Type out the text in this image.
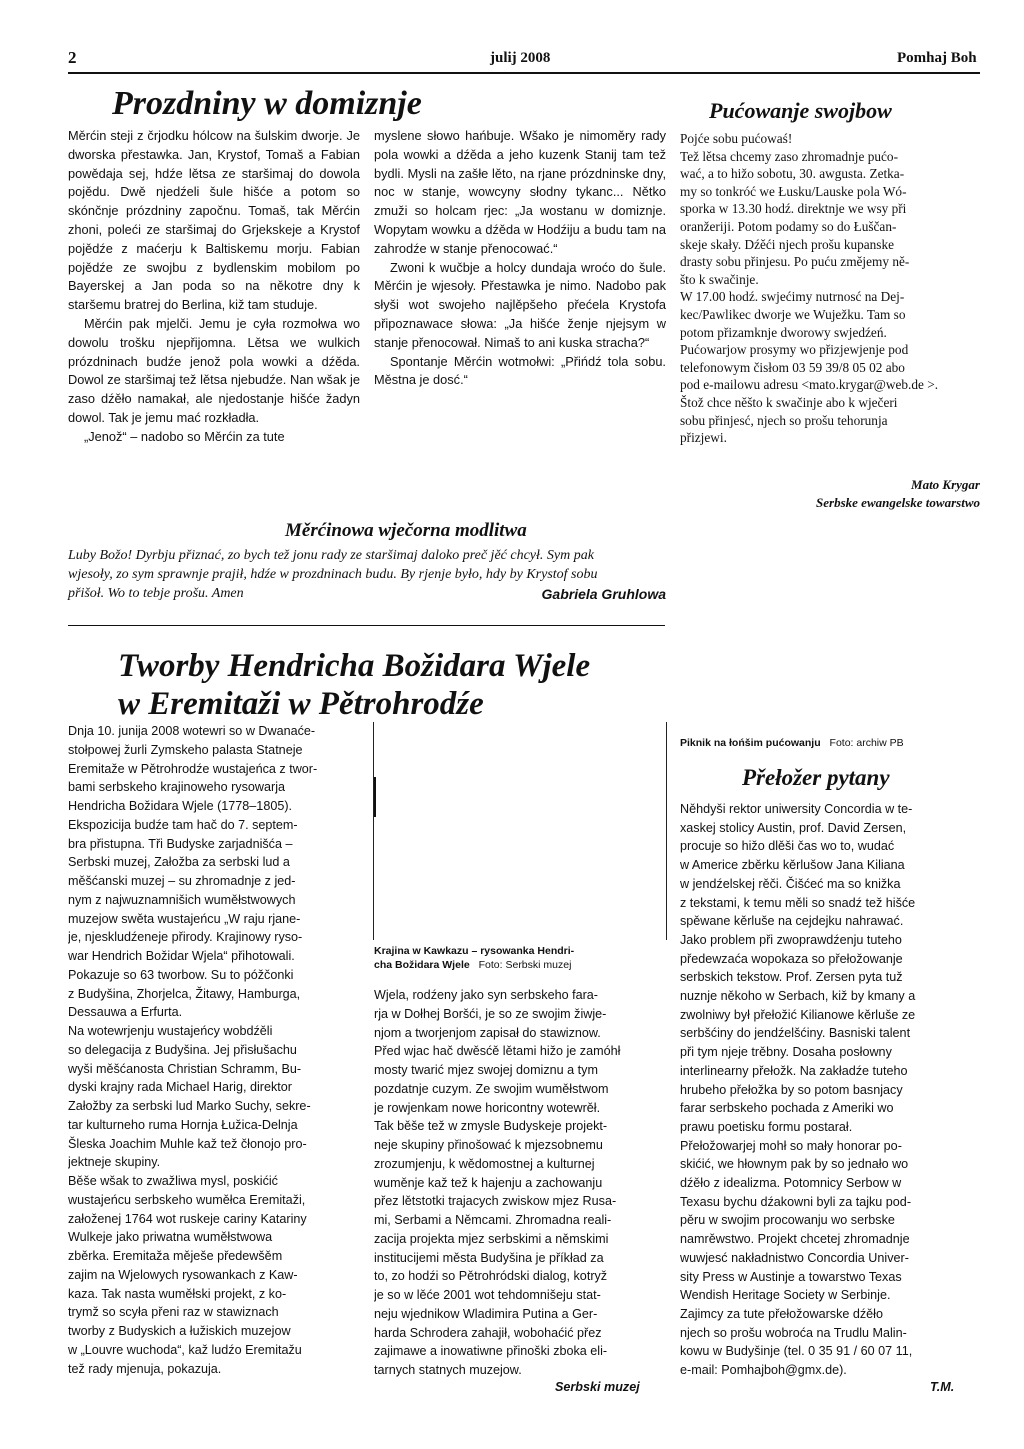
2	julij 2008	Pomhaj Boh
Prozdniny w domiznje

Měrćin steji z črjodku hólcow na šulskim dworje. Je dworska přestawka. Jan, Krystof, Tomaš a Fabian powědaja sej, hdźe lětsa ze staršimaj do dowola pojědu. Dwě njedźeli šule hišće a potom so skónčnje prózdniny započnu. Tomaš, tak Měrćin zhoni, poleći ze staršimaj do Grjekskeje a Krystof pojědźe z maćerju k Baltiskemu morju. Fabian pojědźe ze swojbu z bydlenskim mobilom po Bayerskej a Jan poda so na někotre dny k staršemu bratrej do Berlina, kiž tam studuje.

Měrćin pak mjelči. Jemu je cyła rozmołwa wo dowolu trošku njepřijomna. Lětsa we wulkich prózdninach budźe jenož pola wowki a dźěda. Dowol ze staršimaj tež lětsa njebudźe. Nan wšak je zaso dźěło namakał, ale njedostanje hišće žadyn dowol. Tak je jemu mać rozkładła.

„Jenož“ – nadobo so Měrćin za tute

myslene słowo hańbuje. Wšako je nimoměry rady pola wowki a dźěda a jeho kuzenk Stanij tam tež bydli. Mysli na zašłe lěto, na rjane prózdninske dny, noc w stanje, wowcyny słodny tykanc... Nětko zmuži so holcam rjec: „Ja wostanu w domiznje. Wopytam wowku a dźěda w Hodźiju a budu tam na zahrodźe w stanje přenocować.“

Zwoni k wučbje a holcy dundaja wroćo do šule. Měrćin je wjesoły. Přestawka je nimo. Nadobo pak słyši wot swojeho najlěpšeho přećela Krystofa připoznawace słowa: „Ja hišće ženje njejsym w stanje přenocował. Nimaš to ani kuska stracha?“

Spontanje Měrćin wotmołwi: „Přińdź tola sobu. Městna je dosć.“

Pućowanje swojbow
Pojće sobu pućowaś!
Tež lětsa chcemy zaso zhromadnje pućo-
wać, a to hižo sobotu, 30. awgusta. Zetka-
my so tonkróć we Łusku/Lauske pola Wó-
sporka w 13.30 hodź. direktnje we wsy při
oranžeriji. Potom podamy so do Łuščan-
skeje skały. Dźěći njech prošu kupanske
drasty sobu přinjesu. Po puću změjemy ně-
što k swačinje.
W 17.00 hodź. swjećimy nutrnosć na Dej-
kec/Pawlikec dworje we Wuježku. Tam so
potom přizamknje dworowy swjedźeń.
Pućowarjow prosymy wo přizjewjenje pod
telefonowym čisłom 03 59 39/8 05 02 abo
pod e-mailowu adresu <mato.krygar@web.de >.
Štož chce něšto k swačinje abo k wječeri
sobu přinjesć, njech so prošu tehorunja
přizjewi.
Mato Krygar
Serbske ewangelske towarstwo
Měrćinowa wječorna modlitwa
Luby Božo! Dyrbju přiznać, zo bych tež jonu rady ze staršimaj daloko preč jěć chcył. Sym pak
wjesoły, zo sym sprawnje prajił, hdźe w prozdninach budu. By rjenje było, hdy by Krystof sobu
přišoł. Wo to tebje prošu. Amen	Gabriela Gruhlowa
Tworby Hendricha Božidara Wjele
w Eremitaži w Pětrohrodźe
Dnja 10. junija 2008 wotewri so w Dwanaće-
stołpowej žurli Zymskeho palasta Statneje
Eremitaže w Pětrohrodźe wustajeńca z twor-
bami serbskeho krajinoweho rysowarja
Hendricha Božidara Wjele (1778–1805).
Ekspozicija budźe tam hač do 7. septem-
bra přistupna. Tři Budyske zarjadnišća –
Serbski muzej, Załožba za serbski lud a
měšćanski muzej – su zhromadnje z jed-
nym z najwuznamnišich wuměłstwowych
muzejow swěta wustajeńcu „W raju rjane-
je, njeskludźeneje přirody. Krajinowy ryso-
war Hendrich Božidar Wjela“ přihotowali.
Pokazuje so 63 tworbow. Su to póžčonki
z Budyšina, Zhorjelca, Žitawy, Hamburga,
Dessauwa a Erfurta.
Na wotewrjenju wustajeńcy wobdźěli
so delegacija z Budyšina. Jej přisłušachu
wyši měšćanosta Christian Schramm, Bu-
dyski krajny rada Michael Harig, direktor
Załožby za serbski lud Marko Suchy, sekre-
tar kulturneho ruma Hornja Łužica-Delnja
Šleska Joachim Muhle kaž tež čłonojo pro-
jektneje skupiny.
Běše wšak to zwažliwa mysl, poskićić
wustajeńcu serbskeho wuměłca Eremitaži,
załoženej 1764 wot ruskeje cariny Katariny
Wulkeje jako priwatna wuměłstwowa
zběrka. Eremitaža měješe předewšěm
zajim na Wjelowych rysowankach z Kaw-
kaza. Tak nasta wuměłski projekt, z ko-
trymž so scyła přeni raz w stawiznach
tworby z Budyskich a łužiskich muzejow
w „Louvre wuchoda“, kaž ludźo Eremitažu
tež rady mjenuja, pokazuja.
Krajina w Kawkazu – rysowanka Hendri-
cha Božidara Wjele Foto: Serbski muzej
Wjela, rodźeny jako syn serbskeho fara-
rja w Dołhej Boršći, je so ze swojim žiwje-
njom a tworjenjom zapisał do stawiznow.
Před wjac hač dwěsćě lětami hižo je zamóhł
mosty twarić mjez swojej domiznu a tym
pozdatnje cuzym. Ze swojim wuměłstwom
je rowjenkam nowe horicontny wotewrěł.
Tak běše tež w zmysle Budyskeje projekt-
neje skupiny přinošować k mjezsobnemu
zrozumjenju, k wědomostnej a kulturnej
wuměnje kaž tež k hajenju a zachowanju
přez lětstotki trajacych zwiskow mjez Rusa-
mi, Serbami a Němcami. Zhromadna reali-
zacija projekta mjez serbskimi a němskimi
institucijemi města Budyšina je příkład za
to, zo hodźi so Pětrohródski dialog, kotryž
je so w lěće 2001 wot tehdomnišeju stat-
neju wjednikow Wladimira Putina a Ger-
harda Schrodera zahajił, wobohaćić přez
zajimawe a inowatiwne přinoški zboka eli-
tarnych statnych muzejow.
Serbski muzej
Piknik na łońšim pućowanju Foto: archiw PB
Přełožer pytany
Něhdyši rektor uniwersity Concordia w te-
xaskej stolicy Austin, prof. David Zersen,
procuje so hižo dlěši čas wo to, wudać
w Americe zběrku kěrlušow Jana Kiliana
w jendźelskej rěči. Čišćeć ma so knižka
z tekstami, k temu měli so snadź tež hišće
spěwane kěrluše na cejdejku nahrawać.
Jako problem při zwoprawdźenju tuteho
předewzaća wopokaza so přełožowanje
serbskich tekstow. Prof. Zersen pyta tuž
nuznje někoho w Serbach, kiž by kmany a
zwolniwy był přełožić Kilianowe kěrluše ze
serbšćiny do jendźelšćiny. Basniski talent
při tym njeje trěbny. Dosaha posłowny
interlinearny přełožk. Na zakładźe tuteho
hrubeho přełožka by so potom basnjacy
farar serbskeho pochada z Ameriki wo
prawu poetisku formu postarał.
Přełožowarjej mohł so mały honorar po-
skićić, we hłownym pak by so jednało wo
dźěło z idealizma. Potomnicy Serbow w
Texasu bychu dźakowni byli za tajku pod-
pěru w swojim procowanju wo serbske
namrěwstwo. Projekt chcetej zhromadnje
wuwjesć nakładnistwo Concordia Univer-
sity Press w Austinje a towarstwo Texas
Wendish Heritage Society w Serbinje.
Zajimcy za tute přełožowarske dźěło
njech so prošu wobroća na Trudlu Malin-
kowu w Budyšinje (tel. 0 35 91 / 60 07 11,
e-mail: Pomhajboh@gmx.de).
T.M.
